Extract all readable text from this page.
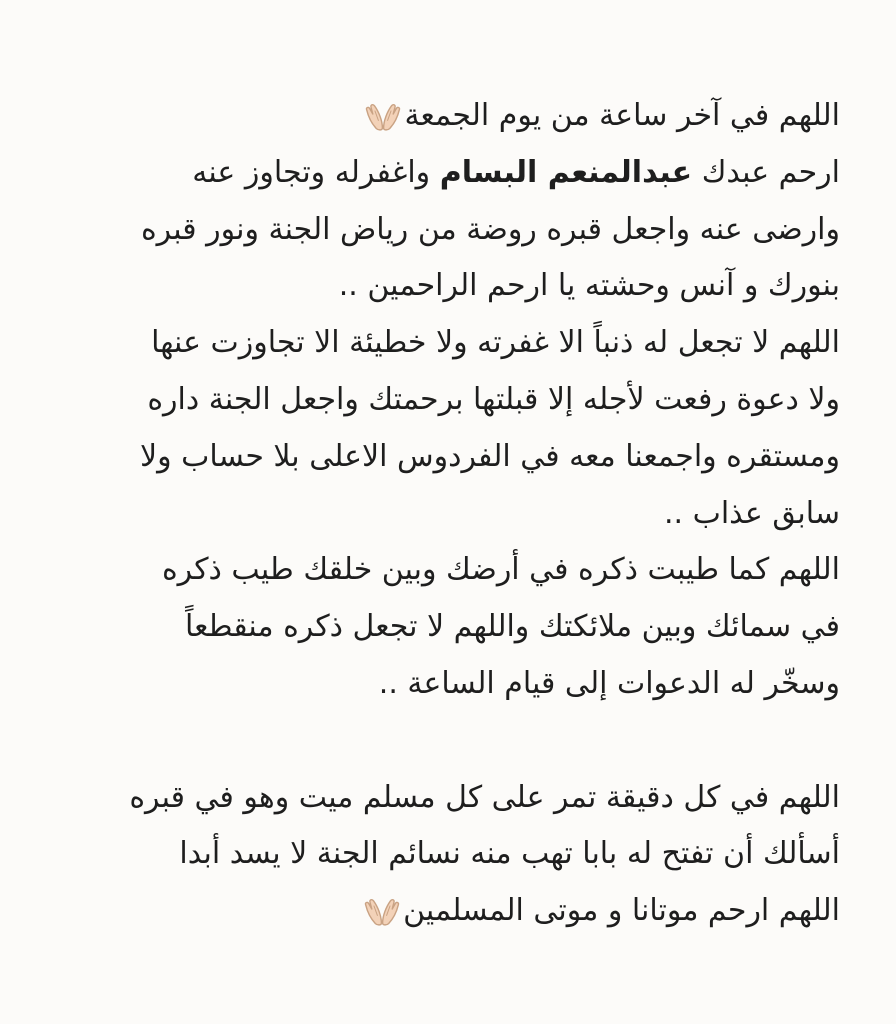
اللهم في آخر ساعة من يوم الجمعة
ارحم عبدك عبدالمنعم البسام واغفرله وتجاوز عنه
وارضى عنه واجعل قبره روضة من رياض الجنة ونور قبره
بنورك و آنس وحشته يا ارحم الراحمين ..
اللهم لا تجعل له ذنباً الا غفرته ولا خطيئة الا تجاوزت عنها
ولا دعوة رفعت لأجله إلا قبلتها برحمتك واجعل الجنة داره
ومستقره واجمعنا معه في الفردوس الاعلى بلا حساب ولا
سابق عذاب ..
اللهم كما طيبت ذكره في أرضك وبين خلقك طيب ذكره
في سمائك وبين ملائكتك واللهم لا تجعل ذكره منقطعاً
وسخّر له الدعوات إلى قيام الساعة ..
اللهم في كل دقيقة تمر على كل مسلم ميت وهو في قبره
أسألك أن تفتح له بابا تهب منه نسائم الجنة لا يسد أبدا
اللهم ارحم موتانا و موتى المسلمين
